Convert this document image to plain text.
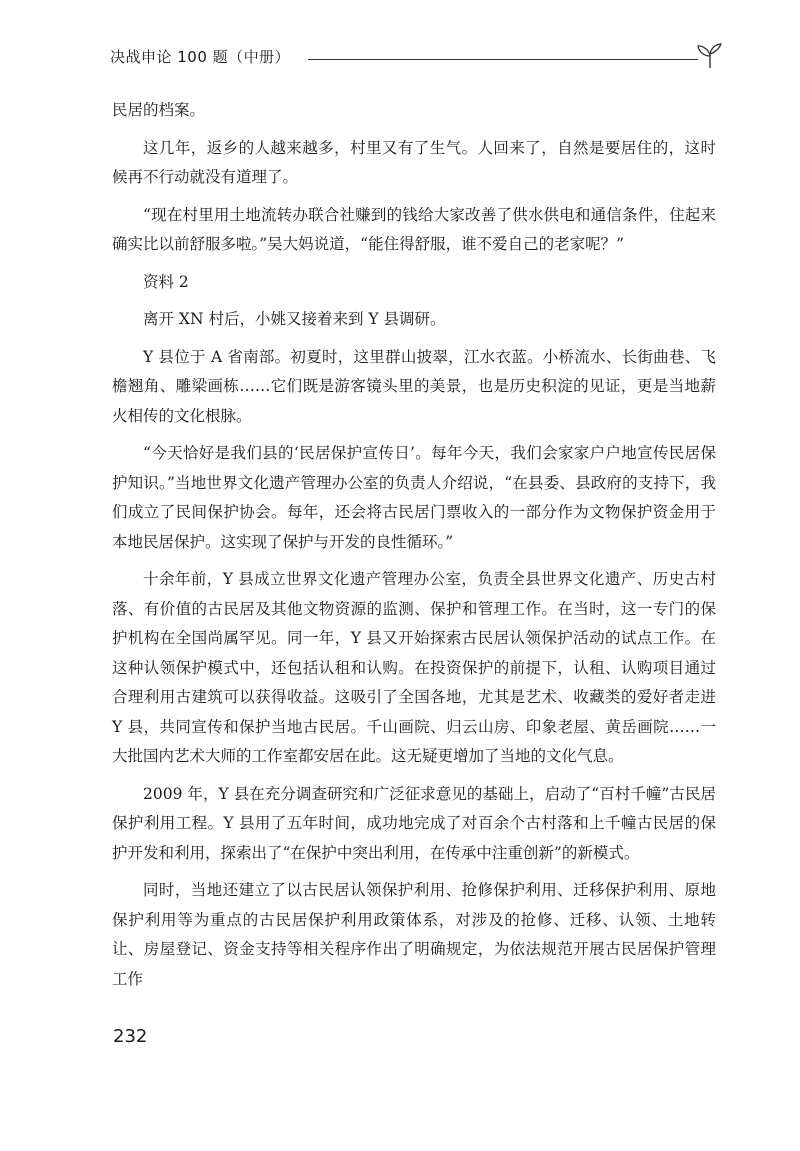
决战申论 100 题（中册）

民居的档案。

这几年，返乡的人越来越多，村里又有了生气。人回来了，自然是要居住的，这时候再不行动就没有道理了。

“现在村里用土地流转办联合社赚到的钱给大家改善了供水供电和通信条件，住起来确实比以前舒服多啦。”吴大妈说道，“能住得舒服，谁不爱自己的老家呢？”

资料 2

离开 XN 村后，小姚又接着来到 Y 县调研。

Y 县位于 A 省南部。初夏时，这里群山披翠，江水衣蓝。小桥流水、长街曲巷、飞檐翘角、雕梁画栋……它们既是游客镜头里的美景，也是历史积淀的见证，更是当地薪火相传的文化根脉。

“今天恰好是我们县的‘民居保护宣传日’。每年今天，我们会家家户户地宣传民居保护知识。”当地世界文化遗产管理办公室的负责人介绍说，“在县委、县政府的支持下，我们成立了民间保护协会。每年，还会将古民居门票收入的一部分作为文物保护资金用于本地民居保护。这实现了保护与开发的良性循环。”

十余年前，Y 县成立世界文化遗产管理办公室，负责全县世界文化遗产、历史古村落、有价值的古民居及其他文物资源的监测、保护和管理工作。在当时，这一专门的保护机构在全国尚属罕见。同一年，Y 县又开始探索古民居认领保护活动的试点工作。在这种认领保护模式中，还包括认租和认购。在投资保护的前提下，认租、认购项目通过合理利用古建筑可以获得收益。这吸引了全国各地，尤其是艺术、收藏类的爱好者走进 Y 县，共同宣传和保护当地古民居。千山画院、归云山房、印象老屋、黄岳画院……一大批国内艺术大师的工作室都安居在此。这无疑更增加了当地的文化气息。

2009 年，Y 县在充分调查研究和广泛征求意见的基础上，启动了“百村千幢”古民居保护利用工程。Y 县用了五年时间，成功地完成了对百余个古村落和上千幢古民居的保护开发和利用，探索出了“在保护中突出利用，在传承中注重创新”的新模式。

同时，当地还建立了以古民居认领保护利用、抢修保护利用、迁移保护利用、原地保护利用等为重点的古民居保护利用政策体系，对涉及的抢修、迁移、认领、土地转让、房屋登记、资金支持等相关程序作出了明确规定，为依法规范开展古民居保护管理工作

232
